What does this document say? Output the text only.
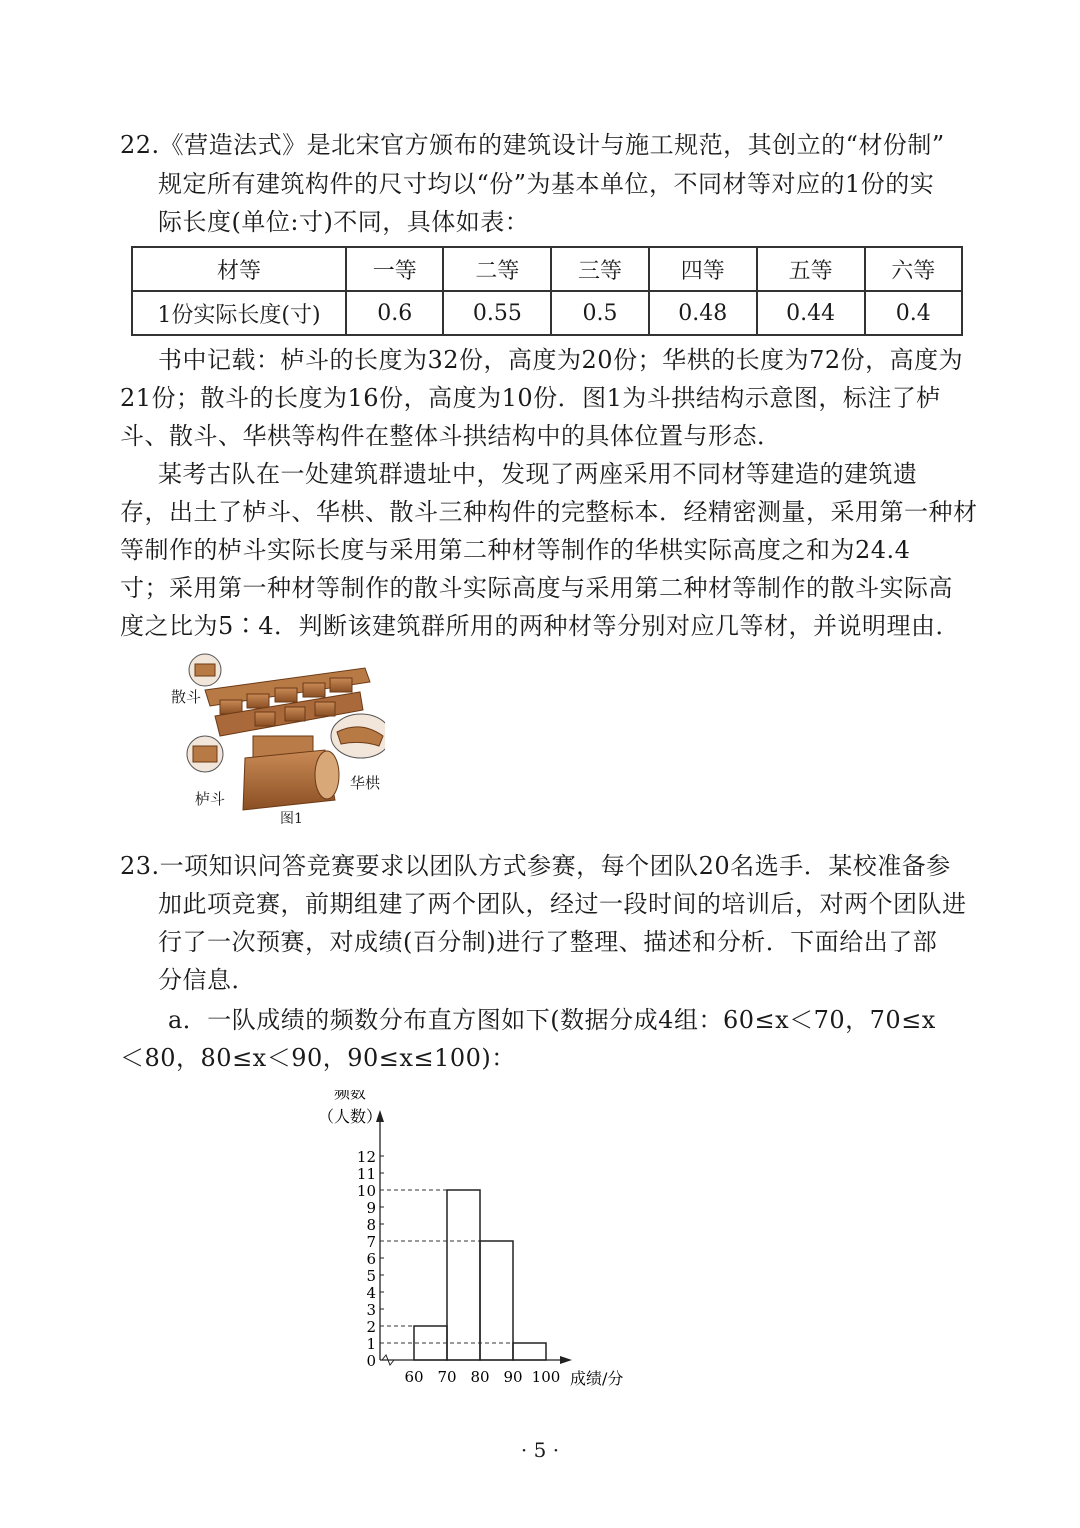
22.《营造法式》是北宋官方颁布的建筑设计与施工规范，其创立的“材份制”
规定所有建筑构件的尺寸均以“份”为基本单位，不同材等对应的1份的实
际长度(单位:寸)不同，具体如表：
材等	一等	二等	三等	四等	五等	六等
1份实际长度(寸)	0.6	0.55	0.5	0.48	0.44	0.4
书中记载：栌斗的长度为32份，高度为20份；华栱的长度为72份，高度为
21份；散斗的长度为16份，高度为10份．图1为斗拱结构示意图，标注了栌
斗、散斗、华栱等构件在整体斗拱结构中的具体位置与形态．
某考古队在一处建筑群遗址中，发现了两座采用不同材等建造的建筑遗
存，出土了栌斗、华栱、散斗三种构件的完整标本．经精密测量，采用第一种材
等制作的栌斗实际长度与采用第二种材等制作的华栱实际高度之和为24.4
寸；采用第一种材等制作的散斗实际高度与采用第二种材等制作的散斗实际高
度之比为5∶4．判断该建筑群所用的两种材等分别对应几等材，并说明理由．
散斗
栌斗
华栱
图1
23.一项知识问答竞赛要求以团队方式参赛，每个团队20名选手．某校准备参
加此项竞赛，前期组建了两个团队，经过一段时间的培训后，对两个团队进
行了一次预赛，对成绩(百分制)进行了整理、描述和分析．下面给出了部
分信息．
a．一队成绩的频数分布直方图如下(数据分成4组：60≤x＜70，70≤x
＜80，80≤x＜90，90≤x≤100)：
0
1
2
3
4
5
6
7
8
9
10
11
12
60 70 80 90 100
频数
（人数）
成绩/分
· 5 ·
